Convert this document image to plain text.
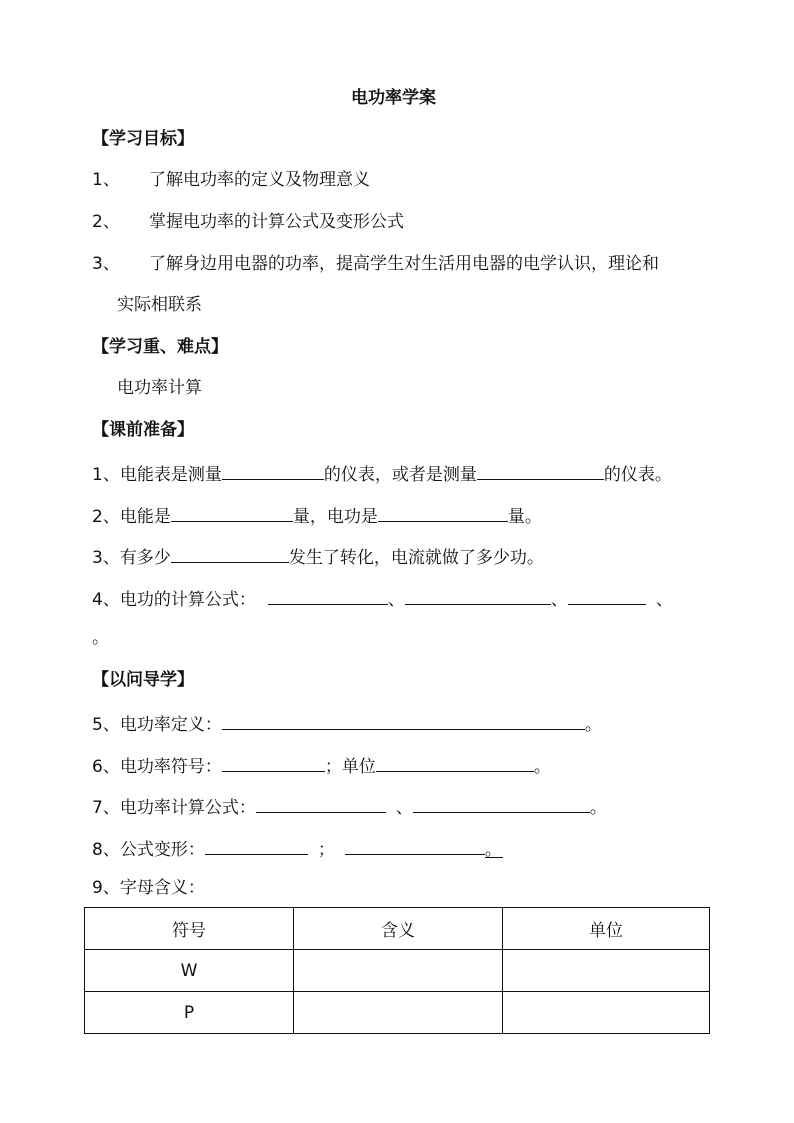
电功率学案
【学习目标】
1、 了解电功率的定义及物理意义
2、 掌握电功率的计算公式及变形公式
3、 了解身边用电器的功率，提高学生对生活用电器的电学认识，理论和
实际相联系
【学习重、难点】
电功率计算
【课前准备】
1、电能表是测量	的仪表，或者是测量	的仪表。
2、电能是	量，电功是	量。
3、有多少	发生了转化，电流就做了多少功。
4、电功的计算公式：	、	、	、
。
【以问导学】
5、电功率定义：	。
6、电功率符号：	；单位	。
7、电功率计算公式：	、	。
8、公式变形：	；	。
9、字母含义：
符号	含义	单位
W		
P		
